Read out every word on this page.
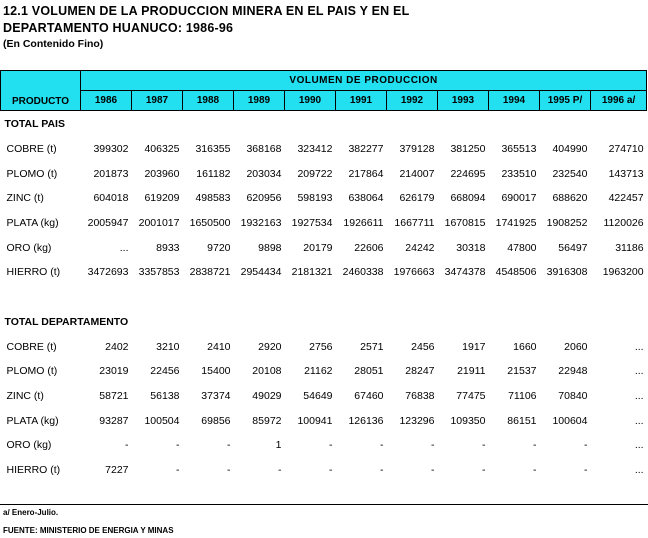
12.1 VOLUMEN DE LA PRODUCCION MINERA EN EL PAIS Y EN EL
DEPARTAMENTO HUANUCO: 1986-96
(En Contenido Fino)
PRODUCTO	VOLUMEN DE PRODUCCION										
	1986	1987	1988	1989	1990	1991	1992	1993	1994	1995 P/	1996 a/
TOTAL PAIS											
COBRE (t)	399302	406325	316355	368168	323412	382277	379128	381250	365513	404990	274710
PLOMO (t)	201873	203960	161182	203034	209722	217864	214007	224695	233510	232540	143713
ZINC (t)	604018	619209	498583	620956	598193	638064	626179	668094	690017	688620	422457
PLATA (kg)	2005947	2001017	1650500	1932163	1927534	1926611	1667711	1670815	1741925	1908252	1120026
ORO (kg)	...	8933	9720	9898	20179	22606	24242	30318	47800	56497	31186
HIERRO (t)	3472693	3357853	2838721	2954434	2181321	2460338	1976663	3474378	4548506	3916308	1963200

TOTAL DEPARTAMENTO											
COBRE (t)	2402	3210	2410	2920	2756	2571	2456	1917	1660	2060	...
PLOMO (t)	23019	22456	15400	20108	21162	28051	28247	21911	21537	22948	...
ZINC (t)	58721	56138	37374	49029	54649	67460	76838	77475	71106	70840	...
PLATA (kg)	93287	100504	69856	85972	100941	126136	123296	109350	86151	100604	...
ORO (kg)	-	-	-	1	-	-	-	-	-	-	...
HIERRO (t)	7227	-	-	-	-	-	-	-	-	-	...
a/ Enero-Julio.
FUENTE: MINISTERIO DE ENERGIA Y MINAS
